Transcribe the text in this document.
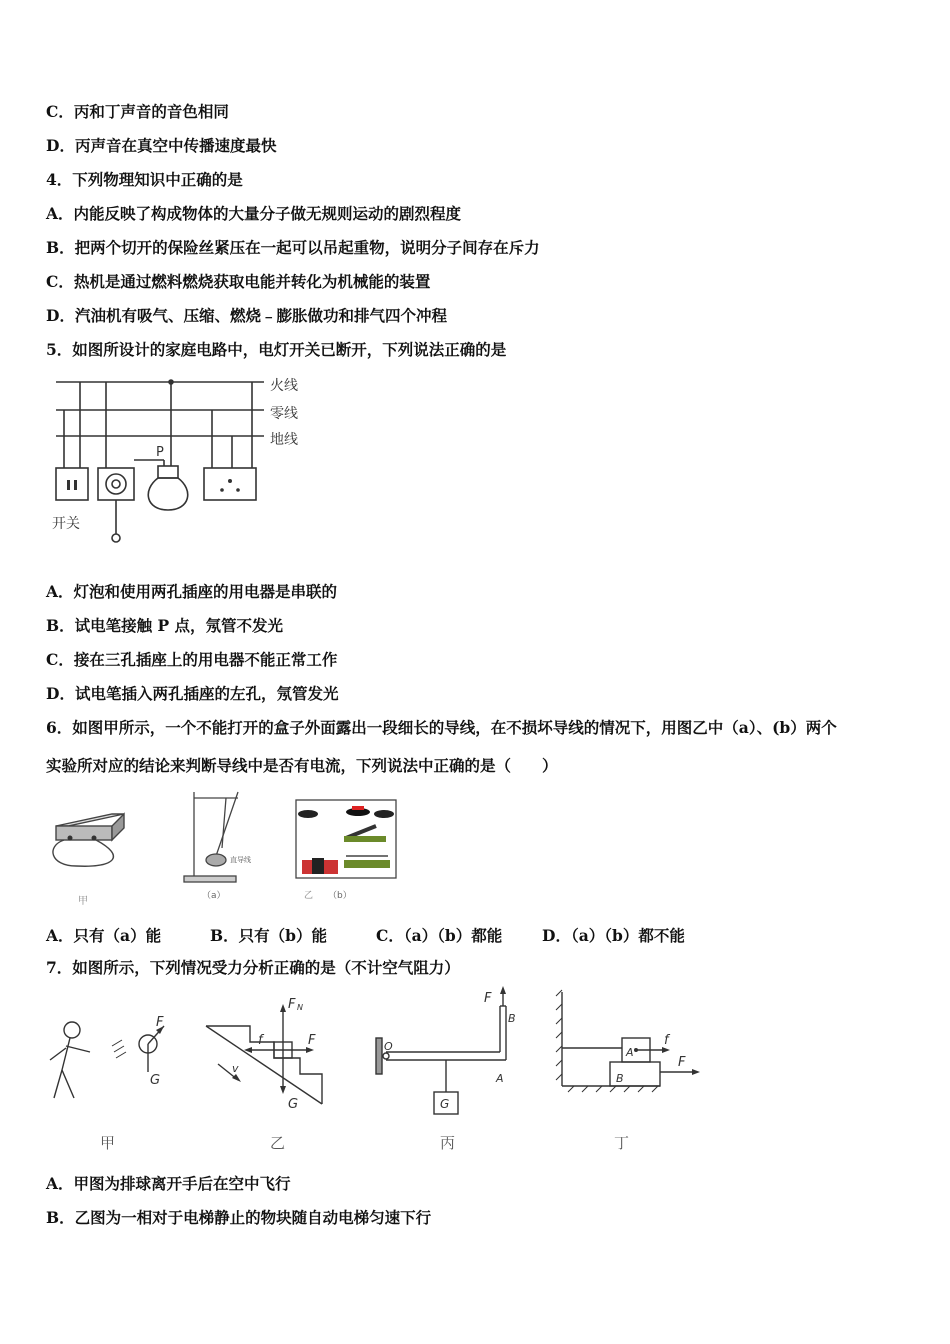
C．丙和丁声音的音色相同
D．丙声音在真空中传播速度最快
4．下列物理知识中正确的是
A．内能反映了构成物体的大量分子做无规则运动的剧烈程度
B．把两个切开的保险丝紧压在一起可以吊起重物，说明分子间存在斥力
C．热机是通过燃料燃烧获取电能并转化为机械能的装置
D．汽油机有吸气、压缩、燃烧﹣膨胀做功和排气四个冲程
5．如图所设计的家庭电路中，电灯开关已断开，下列说法正确的是
火线
零线
地线
P
开关
A．灯泡和使用两孔插座的用电器是串联的
B．试电笔接触 P 点，氖管不发光
C．接在三孔插座上的用电器不能正常工作
D．试电笔插入两孔插座的左孔，氖管发光
6．如图甲所示，一个不能打开的盒子外面露出一段细长的导线，在不损坏导线的情况下，用图乙中（a）、(b）两个
实验所对应的结论来判断导线中是否有电流，下列说法中正确的是（　　）
甲
直导线
（a）	乙 （b）
A．只有（a）能	B．只有（b）能	C．（a）（b）都能	D．（a）（b）都不能
7．如图所示，下列情况受力分析正确的是（不计空气阻力）
F
G
F N
F
f
G
v
O
A
B
F
G
A
B
f
F
甲	乙	丙	丁
A．甲图为排球离开手后在空中飞行
B．乙图为一相对于电梯静止的物块随自动电梯匀速下行
